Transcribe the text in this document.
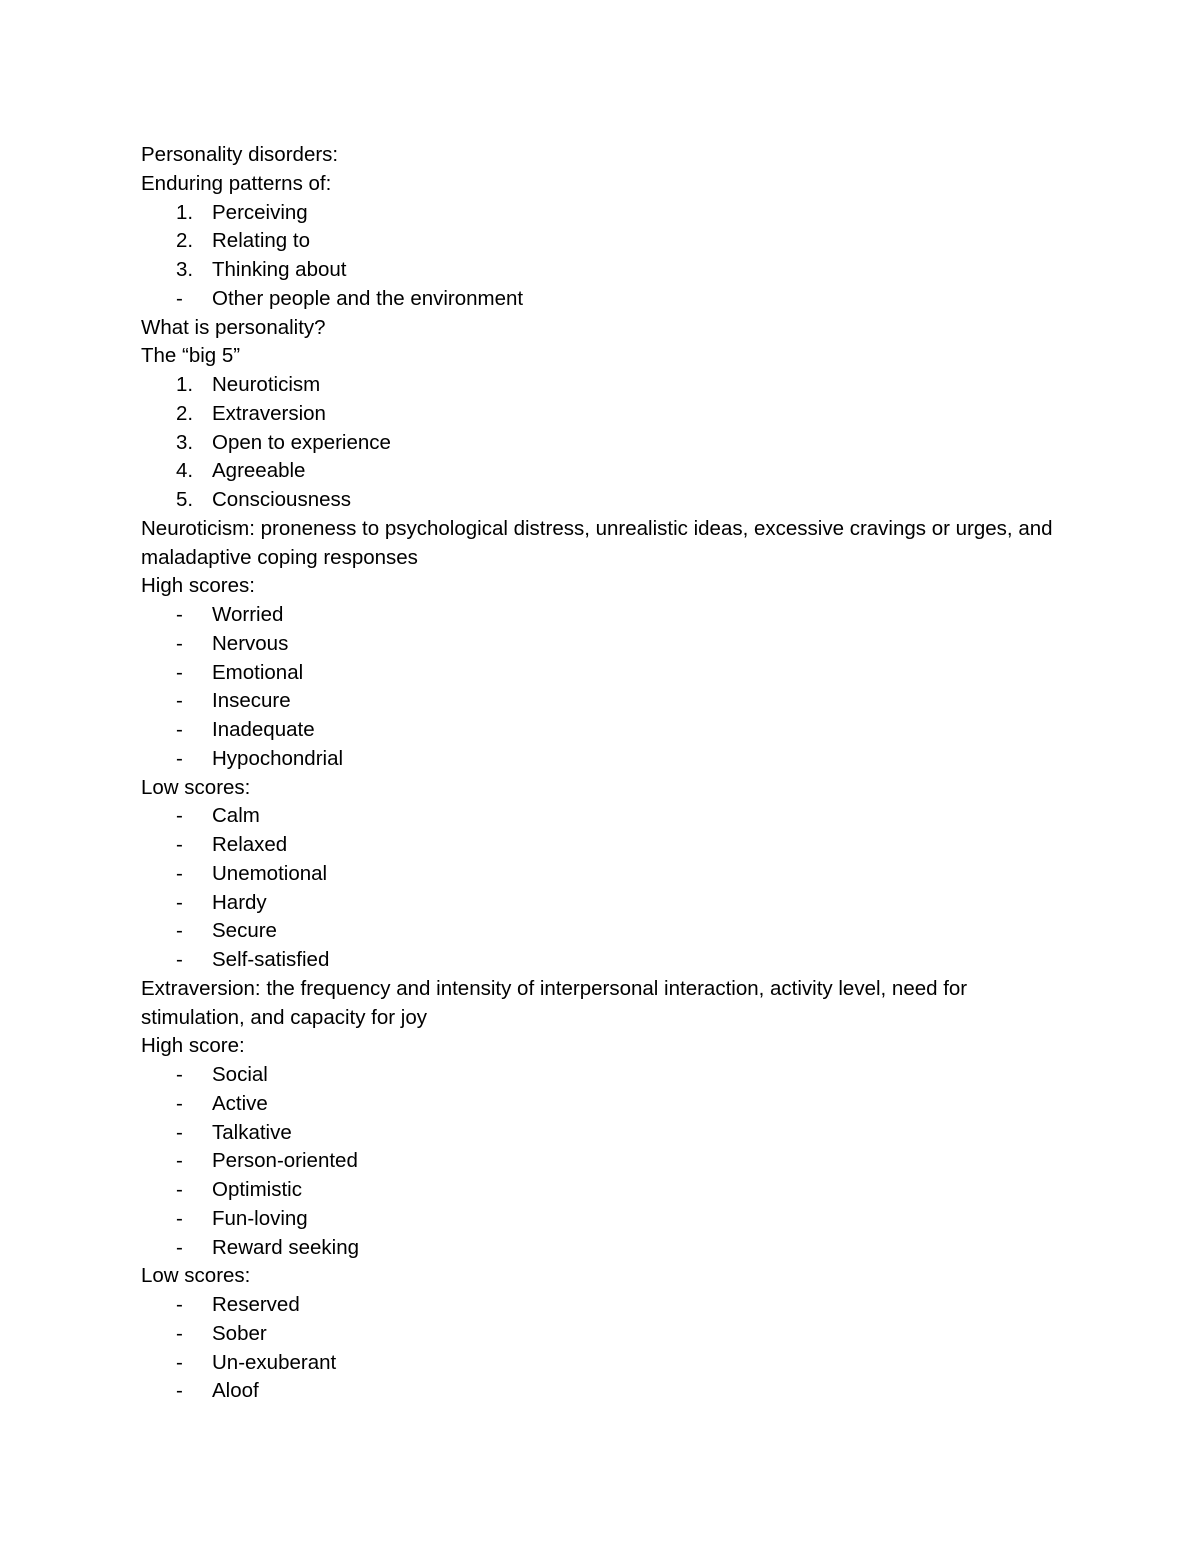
Personality disorders:
Enduring patterns of:
1. Perceiving
2. Relating to
3. Thinking about
-	Other people and the environment
What is personality?
The “big 5”
1. Neuroticism
2. Extraversion
3. Open to experience
4. Agreeable
5. Consciousness
Neuroticism: proneness to psychological distress, unrealistic ideas, excessive cravings or urges, and maladaptive coping responses
High scores:
-	Worried
-	Nervous
-	Emotional
-	Insecure
-	Inadequate
-	Hypochondrial
Low scores:
-	Calm
-	Relaxed
-	Unemotional
-	Hardy
-	Secure
-	Self-satisfied
Extraversion: the frequency and intensity of interpersonal interaction, activity level, need for stimulation, and capacity for joy
High score:
-	Social
-	Active
-	Talkative
-	Person-oriented
-	Optimistic
-	Fun-loving
-	Reward seeking
Low scores:
-	Reserved
-	Sober
-	Un-exuberant
-	Aloof
